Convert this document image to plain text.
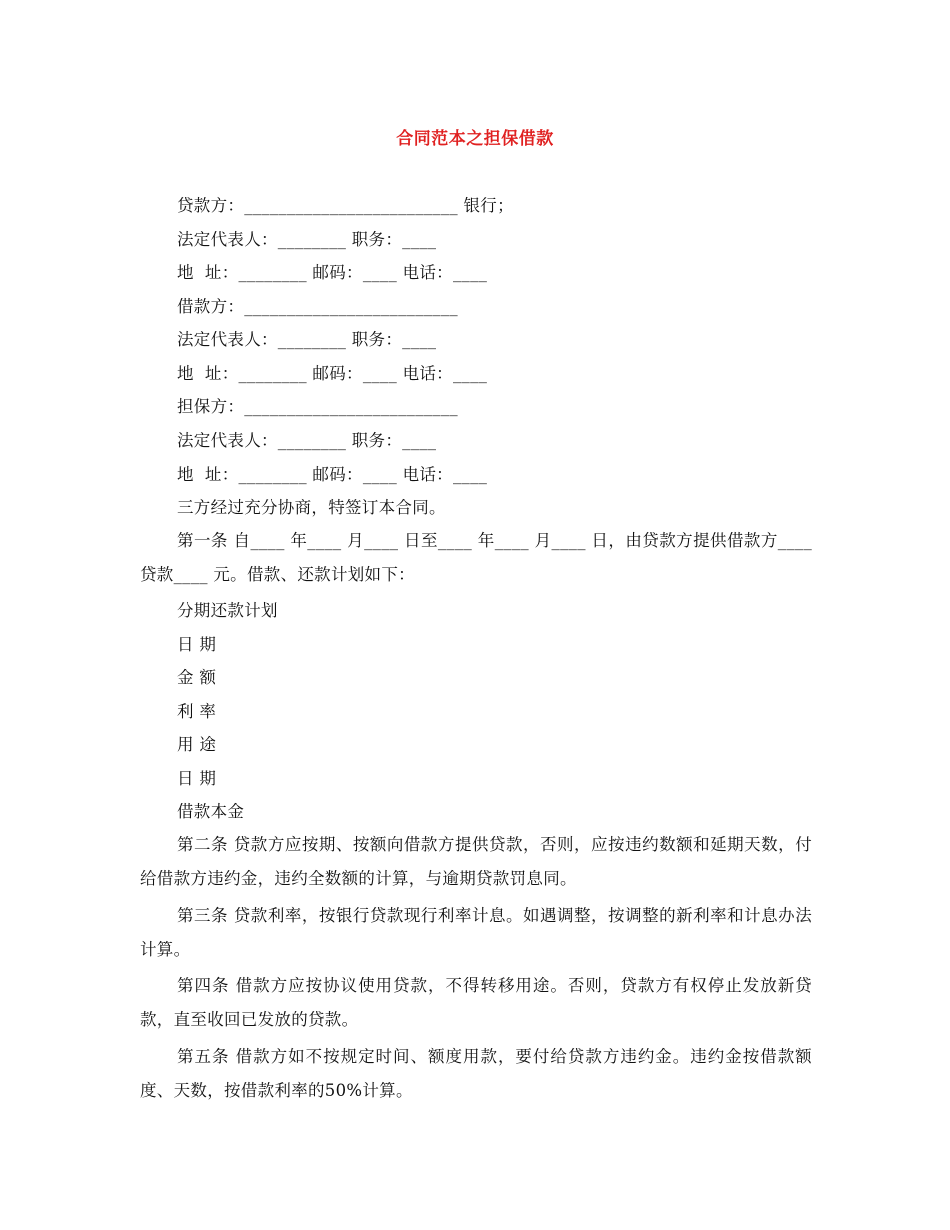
合同范本之担保借款
贷款方：_________________________ 银行；
法定代表人：________ 职务：____
地  址：________ 邮码：____ 电话：____
借款方：_________________________
法定代表人：________ 职务：____
地  址：________ 邮码：____ 电话：____
担保方：_________________________
法定代表人：________ 职务：____
地  址：________ 邮码：____ 电话：____
三方经过充分协商，特签订本合同。
第一条 自____ 年____ 月____ 日至____ 年____ 月____ 日，由贷款方提供借款方____ 贷款____ 元。借款、还款计划如下：
分期还款计划
日 期
金 额
利 率
用 途
日 期
借款本金
第二条 贷款方应按期、按额向借款方提供贷款，否则，应按违约数额和延期天数，付给借款方违约金，违约全数额的计算，与逾期贷款罚息同。
第三条 贷款利率，按银行贷款现行利率计息。如遇调整，按调整的新利率和计息办法计算。
第四条 借款方应按协议使用贷款，不得转移用途。否则，贷款方有权停止发放新贷款，直至收回已发放的贷款。
第五条 借款方如不按规定时间、额度用款，要付给贷款方违约金。违约金按借款额度、天数，按借款利率的50%计算。
